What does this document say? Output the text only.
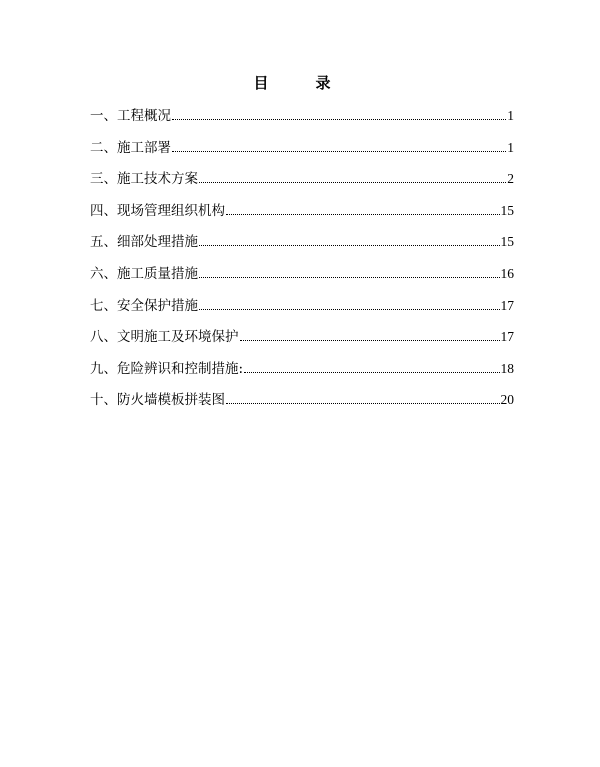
目　录
一、工程概况	1
二、施工部署	1
三、施工技术方案	2
四、现场管理组织机构	15
五、细部处理措施	15
六、施工质量措施	16
七、安全保护措施	17
八、文明施工及环境保护	17
九、危险辨识和控制措施:	18
十、防火墙模板拼装图	20
